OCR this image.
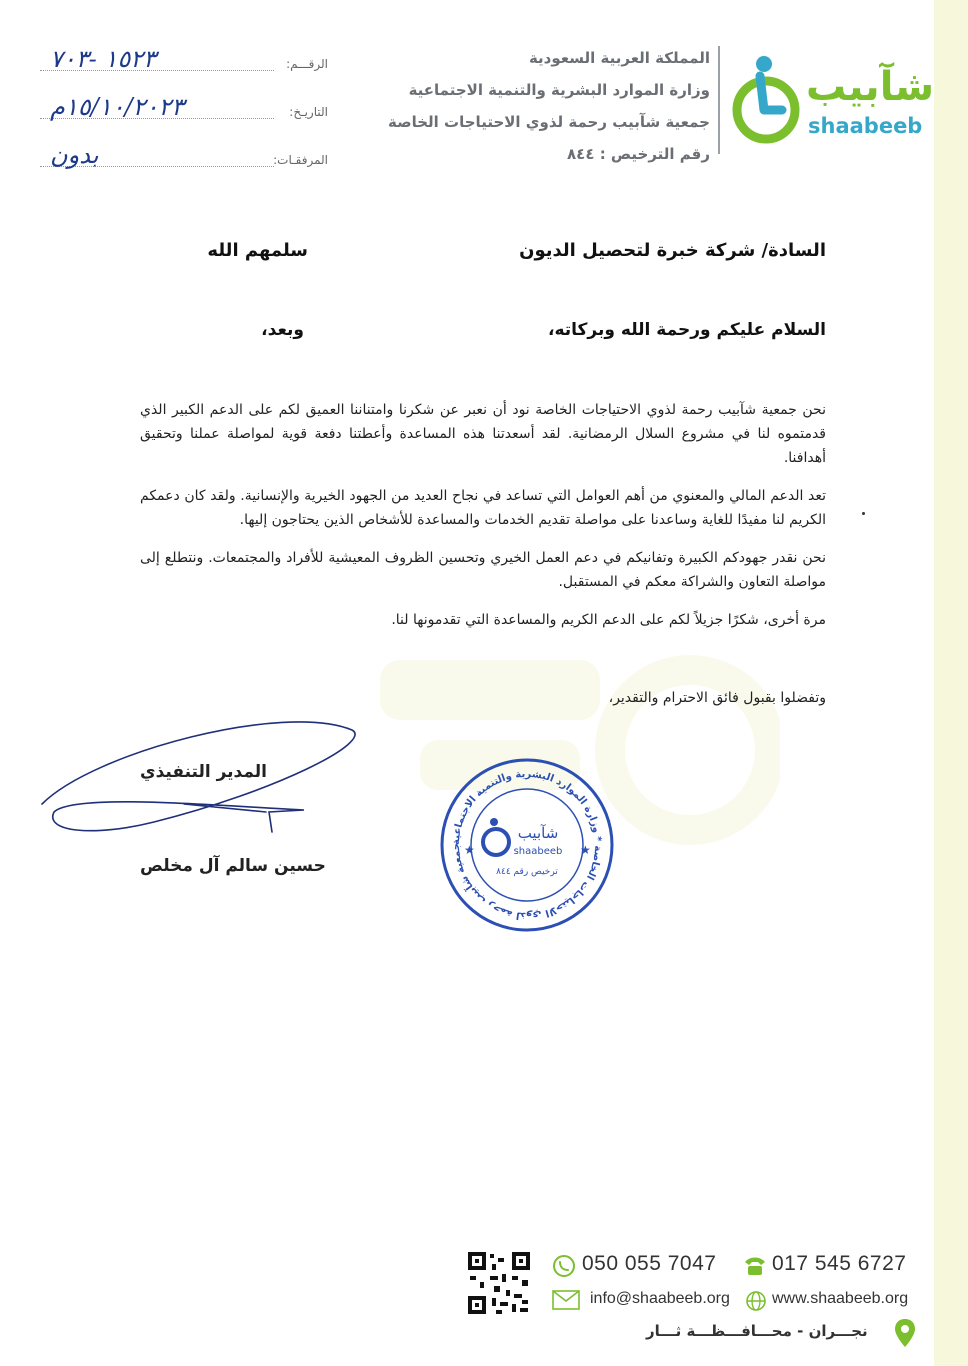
المملكة العربية السعودية
وزارة الموارد البشرية والتنمية الاجتماعية
جمعية شآبيب رحمة لذوي الاحتياجات الخاصة
رقم الترخيص : ٨٤٤
شآبيب
shaabeeb
الرقـــم:
١٥٢٣ -٧٠٣
التاريـخ:
١٥/١٠/٢٠٢٣م
المرفقـات:
بدون
السادة/ شركة خبرة لتحصيل الديون
سلمهم الله
السلام عليكم ورحمة الله وبركاته،
وبعد،
نحن جمعية شآبيب رحمة لذوي الاحتياجات الخاصة نود أن نعبر عن شكرنا وامتناننا العميق لكم على الدعم الكبير الذي قدمتموه لنا في مشروع السلال الرمضانية. لقد أسعدتنا هذه المساعدة وأعطتنا دفعة قوية لمواصلة عملنا وتحقيق أهدافنا.
تعد الدعم المالي والمعنوي من أهم العوامل التي تساعد في نجاح العديد من الجهود الخيرية والإنسانية. ولقد كان دعمكم الكريم لنا مفيدًا للغاية وساعدنا على مواصلة تقديم الخدمات والمساعدة للأشخاص الذين يحتاجون إليها.
نحن نقدر جهودكم الكبيرة وتفانيكم في دعم العمل الخيري وتحسين الظروف المعيشية للأفراد والمجتمعات. ونتطلع إلى مواصلة التعاون والشراكة معكم في المستقبل.
مرة أخرى، شكرًا جزيلاً لكم على الدعم الكريم والمساعدة التي تقدمونها لنا.
وتفضلوا بقبول فائق الاحترام والتقدير،
المدير التنفيذي
حسين سالم آل مخلص
جمعية شآبيب رحمة لذوي الاحتياجات الخاصة * وزارة الموارد البشرية والتنمية الاجتماعية
شآبيب
shaabeeb
ترخيص رقم ٨٤٤
★	★
050 055 7047	017 545 6727
info@shaabeeb.org	www.shaabeeb.org
نجـــران - محـــافـــظـــة ثـــار
